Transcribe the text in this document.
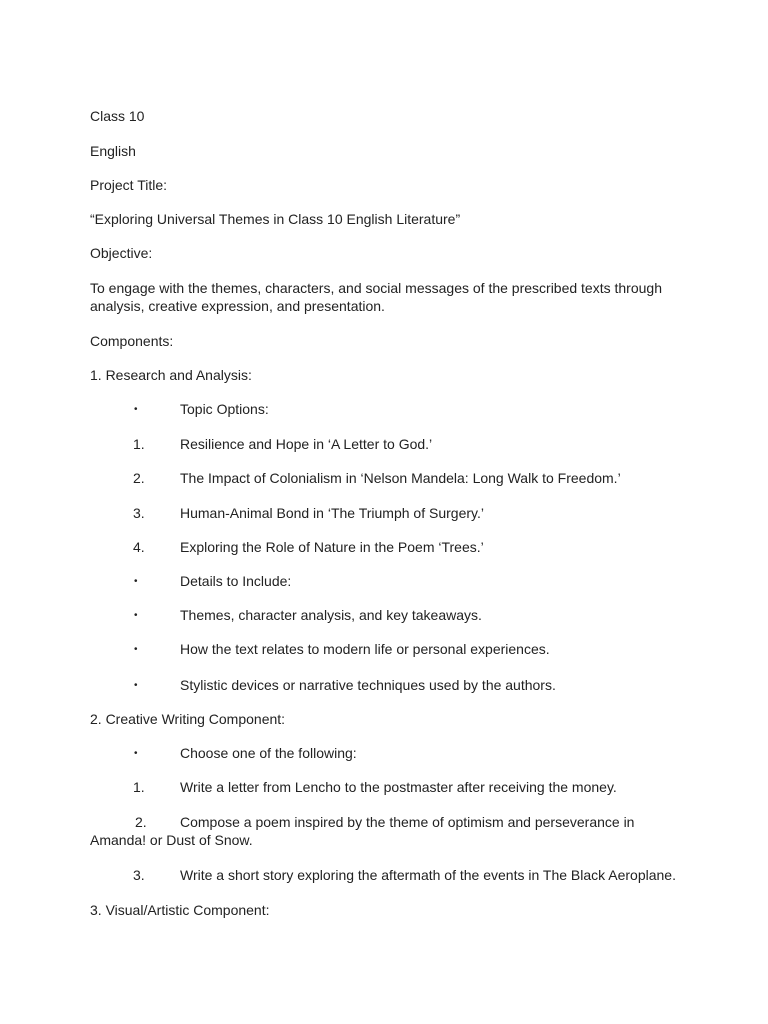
Class 10
English
Project Title:
“Exploring Universal Themes in Class 10 English Literature”
Objective:
To engage with the themes, characters, and social messages of the prescribed texts through analysis, creative expression, and presentation.
Components:
1. Research and Analysis:
•	Topic Options:
1.	Resilience and Hope in ‘A Letter to God.’
2.	The Impact of Colonialism in ‘Nelson Mandela: Long Walk to Freedom.’
3.	Human-Animal Bond in ‘The Triumph of Surgery.’
4.	Exploring the Role of Nature in the Poem ‘Trees.’
•	Details to Include:
•	Themes, character analysis, and key takeaways.
•	How the text relates to modern life or personal experiences.
•	Stylistic devices or narrative techniques used by the authors.
2. Creative Writing Component:
•	Choose one of the following:
1.	Write a letter from Lencho to the postmaster after receiving the money.
2. Compose a poem inspired by the theme of optimism and perseverance in Amanda! or Dust of Snow.
3.	Write a short story exploring the aftermath of the events in The Black Aeroplane.
3. Visual/Artistic Component:
